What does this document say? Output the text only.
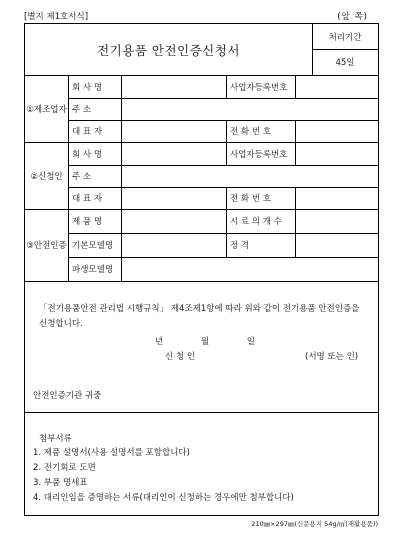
[별지 제1호서식]	(앞 쪽)
전기용품 안전인증신청서
처리기간
45일
①제조업자
회 사 명	사업자등록번호
주 소
대 표 자	전 화 번 호
②신청인
회 사 명	사업자등록번호
주 소
대 표 자	전 화 번 호
③안전인증
제 품 명	시 료 의 개 수
기본모델명	정 격
파생모델명
「전기용품안전 관리법 시행규칙」 제4조제1항에 따라 위와 같이 전기용품 안전인증을 신청합니다.
년	월	일
신 청 인	(서명 또는 인)
안전인증기관 귀중
첨부서류
1. 제품 설명서(사용 설명서를 포함합니다)
2. 전기회로 도면
3. 부품 명세표
4. 대리인임을 증명하는 서류(대리인이 신청하는 경우에만 첨부합니다)
210㎜×297㎜(신문용지 54g/㎡(재활용품))
